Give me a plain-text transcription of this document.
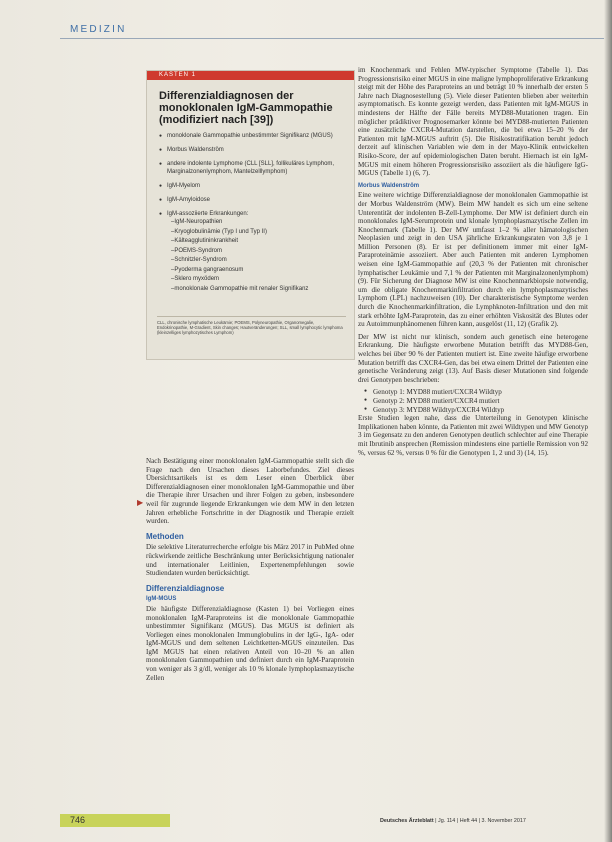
MEDIZIN
KASTEN 1
Differenzialdiagnosen der monoklonalen IgM-Gammopathie (modifiziert nach [39])
● monoklonale Gammopathie unbestimmter Signifikanz (MGUS)
● Morbus Waldenström
● andere indolente Lymphome (CLL [SLL], follikuläres Lymphom, Marginalzonenlymphom, Mantelzelllymphom)
● IgM-Myelom
● IgM-Amyloidose
● IgM-assoziierte Erkrankungen:
– IgM-Neuropathien
– Kryoglobulinämie (Typ I und Typ II)
– Kälteagglutininkrankheit
– POEMS-Syndrom
– Schnitzler-Syndrom
– Pyoderma gangraenosum
– Sklero myxödem
– monoklonale Gammopathie mit renaler Signifikanz
CLL, chronische lymphatische Leukämie; POEMS, Polyneuropathie, Organomegalie, Endokrinopathie, M-Gradient, Skin changes; Hautveränderungen; SLL, small lymphocytic lymphoma (kleinzelliges lymphozytisches Lymphom)
▶

Nach Bestätigung einer monoklonalen IgM-Gammopathie stellt sich die Frage nach den Ursachen dieses Laborbefundes. Ziel dieses Übersichtsartikels ist es dem Leser einen Überblick über Differenzialdiagnosen einer monoklonalen IgM-Gammopathie und über die Therapie ihrer Ursachen und ihrer Folgen zu geben, insbesondere weil für zugrunde liegende Erkrankungen wie dem MW in den letzten Jahren erhebliche Fortschritte in der Diagnostik und Therapie erzielt wurden.

Methoden

Die selektive Literaturrecherche erfolgte bis März 2017 in PubMed ohne rückwirkende zeitliche Beschränkung unter Berücksichtigung nationaler und internationaler Leitlinien, Expertenempfehlungen sowie Studiendaten wurden berücksichtigt.

Differenzialdiagnose
IgM-MGUS

Die häufigste Differenzialdiagnose (Kasten 1) bei Vorliegen eines monoklonalen IgM-Paraproteins ist die monoklonale Gammopathie unbestimmter Signifikanz (MGUS). Das MGUS ist definiert als Vorliegen eines monoklonalen Immunglobulins in der IgG-, IgA- oder IgM-MGUS und dem seltenen Leichtketten-MGUS einzuteilen. Das IgM MGUS hat einen relativen Anteil von 10–20 % an allen monoklonalen Gammopathien und definiert durch ein IgM-Paraprotein von weniger als 3 g/dl, weniger als 10 % klonale lymphoplasmazytische Zellen

im Knochenmark und Fehlen MW-typischer Symptome (Tabelle 1). Das Progressionsrisiko einer MGUS in eine maligne lymphoproliferative Erkrankung steigt mit der Höhe des Paraproteins an und beträgt 10 % innerhalb der ersten 5 Jahre nach Diagnosestellung (5). Viele dieser Patienten blieben aber weiterhin asymptomatisch. Es konnte gezeigt werden, dass Patienten mit IgM-MGUS in mindestens der Hälfte der Fälle bereits MYD88-Mutationen tragen. Ein möglicher prädiktiver Prognosemarker könnte bei MYD88-mutierten Patienten eine zusätzliche CXCR4-Mutation darstellen, die bei etwa 15–20 % der Patienten mit IgM-MGUS auftritt (5). Die Risikostratifikation beruht jedoch derzeit auf klinischen Variablen wie dem in der Mayo-Klinik entwickelten Risiko-Score, der auf epidemiologischen Daten beruht. Hiernach ist ein IgM-MGUS mit einem höheren Progressionsrisiko assoziiert als die häufigere IgG-MGUS (Tabelle 1) (6, 7).

Morbus Waldenström

Eine weitere wichtige Differenzialdiagnose der monoklonalen Gammopathie ist der Morbus Waldenström (MW). Beim MW handelt es sich um eine seltene Unterentität der indolenten B-Zell-Lymphome. Der MW ist definiert durch ein monoklonales IgM-Serumprotein und klonale lymphoplasmazytische Zellen im Knochenmark (Tabelle 1). Der MW umfasst 1–2 % aller hämatologischen Neoplasien und zeigt in den USA jährliche Erkrankungsraten von 3,8 je 1 Million Personen (8). Er ist per definitionem immer mit einer IgM-Paraproteinämie assoziiert. Aber auch Patienten mit anderen Lymphomen weisen eine IgM-Gammopathie auf (20,3 % der Patienten mit chronischer lymphatischer Leukämie und 7,1 % der Patienten mit Marginalzonenlymphom) (9). Für Sicherung der Diagnose MW ist eine Knochenmarkbiopsie notwendig, um die obligate Knochenmarkinfiltration durch ein lymphoplasmazytisches Lymphom (LPL) nachzuweisen (10). Der charakteristische Symptome werden durch die Knochenmarkinfiltration, die Lymphknoten-Infiltration und den mit stark erhöhte IgM-Paraprotein, das zu einer erhöhten Viskosität des Blutes oder zu Autoimmunphänomenen führen kann, ausgelöst (11, 12) (Grafik 2).

Der MW ist nicht nur klinisch, sondern auch genetisch eine heterogene Erkrankung. Die häufigste erworbene Mutation betrifft das MYD88-Gen, welches bei über 90 % der Patienten mutiert ist. Eine zweite häufige erworbene Mutation betrifft das CXCR4-Gen, das bei etwa einem Drittel der Patienten eine genetische Veränderung zeigt (13). Auf Basis dieser Mutationen sind folgende drei Genotypen beschrieben:

● Genotyp 1: MYD88 mutiert/CXCR4 Wildtyp
● Genotyp 2: MYD88 mutiert/CXCR4 mutiert
● Genotyp 3: MYD88 Wildtyp/CXCR4 Wildtyp

Erste Studien legen nahe, dass die Unterteilung in Genotypen klinische Implikationen haben könnte, da Patienten mit zwei Wildtypen und MW Genotyp 3 im Gegensatz zu den anderen Genotypen deutlich schlechter auf eine Therapie mit Ibrutinib ansprechen (Remission mindestens eine partielle Remission von 92 %, versus 62 %, versus 0 % für die Genotypen 1, 2 und 3) (14, 15).

746	Deutsches Ärzteblatt | Jg. 114 | Heft 44 | 3. November 2017
